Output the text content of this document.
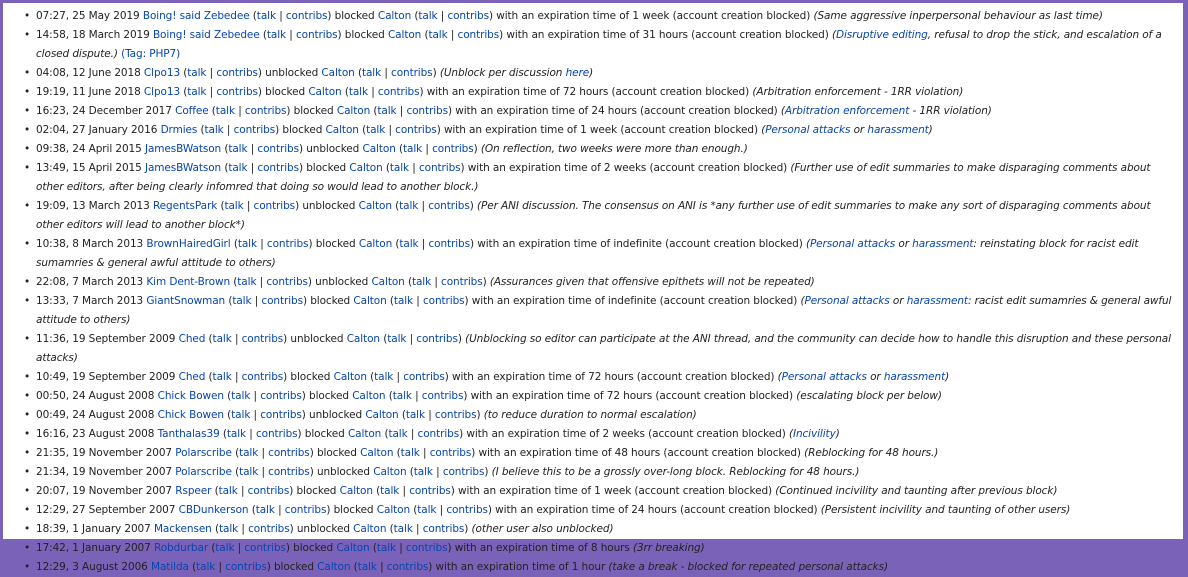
• 07:27, 25 May 2019 Boing! said Zebedee (talk | contribs) blocked Calton (talk | contribs) with an expiration time of 1 week (account creation blocked) (Same aggressive inperpersonal behaviour as last time)
• 14:58, 18 March 2019 Boing! said Zebedee (talk | contribs) blocked Calton (talk | contribs) with an expiration time of 31 hours (account creation blocked) (Disruptive editing, refusal to drop the stick, and escalation of a closed dispute.) (Tag: PHP7)
• 04:08, 12 June 2018 Clpo13 (talk | contribs) unblocked Calton (talk | contribs) (Unblock per discussion here)
• 19:19, 11 June 2018 Clpo13 (talk | contribs) blocked Calton (talk | contribs) with an expiration time of 72 hours (account creation blocked) (Arbitration enforcement - 1RR violation)
• 16:23, 24 December 2017 Coffee (talk | contribs) blocked Calton (talk | contribs) with an expiration time of 24 hours (account creation blocked) (Arbitration enforcement - 1RR violation)
• 02:04, 27 January 2016 Drmies (talk | contribs) blocked Calton (talk | contribs) with an expiration time of 1 week (account creation blocked) (Personal attacks or harassment)
• 09:38, 24 April 2015 JamesBWatson (talk | contribs) unblocked Calton (talk | contribs) (On reflection, two weeks were more than enough.)
• 13:49, 15 April 2015 JamesBWatson (talk | contribs) blocked Calton (talk | contribs) with an expiration time of 2 weeks (account creation blocked) (Further use of edit summaries to make disparaging comments about other editors, after being clearly infomred that doing so would lead to another block.)
• 19:09, 13 March 2013 RegentsPark (talk | contribs) unblocked Calton (talk | contribs) (Per ANI discussion. The consensus on ANI is *any further use of edit summaries to make any sort of disparaging comments about other editors will lead to another block*)
• 10:38, 8 March 2013 BrownHairedGirl (talk | contribs) blocked Calton (talk | contribs) with an expiration time of indefinite (account creation blocked) (Personal attacks or harassment: reinstating block for racist edit sumamries & general awful attitude to others)
• 22:08, 7 March 2013 Kim Dent-Brown (talk | contribs) unblocked Calton (talk | contribs) (Assurances given that offensive epithets will not be repeated)
• 13:33, 7 March 2013 GiantSnowman (talk | contribs) blocked Calton (talk | contribs) with an expiration time of indefinite (account creation blocked) (Personal attacks or harassment: racist edit sumamries & general awful attitude to others)
• 11:36, 19 September 2009 Ched (talk | contribs) unblocked Calton (talk | contribs) (Unblocking so editor can participate at the ANI thread, and the community can decide how to handle this disruption and these personal attacks)
• 10:49, 19 September 2009 Ched (talk | contribs) blocked Calton (talk | contribs) with an expiration time of 72 hours (account creation blocked) (Personal attacks or harassment)
• 00:50, 24 August 2008 Chick Bowen (talk | contribs) blocked Calton (talk | contribs) with an expiration time of 72 hours (account creation blocked) (escalating block per below)
• 00:49, 24 August 2008 Chick Bowen (talk | contribs) unblocked Calton (talk | contribs) (to reduce duration to normal escalation)
• 16:16, 23 August 2008 Tanthalas39 (talk | contribs) blocked Calton (talk | contribs) with an expiration time of 2 weeks (account creation blocked) (Incivility)
• 21:35, 19 November 2007 Polarscribe (talk | contribs) blocked Calton (talk | contribs) with an expiration time of 48 hours (account creation blocked) (Reblocking for 48 hours.)
• 21:34, 19 November 2007 Polarscribe (talk | contribs) unblocked Calton (talk | contribs) (I believe this to be a grossly over-long block. Reblocking for 48 hours.)
• 20:07, 19 November 2007 Rspeer (talk | contribs) blocked Calton (talk | contribs) with an expiration time of 1 week (account creation blocked) (Continued incivility and taunting after previous block)
• 12:29, 27 September 2007 CBDunkerson (talk | contribs) blocked Calton (talk | contribs) with an expiration time of 24 hours (account creation blocked) (Persistent incivility and taunting of other users)
• 18:39, 1 January 2007 Mackensen (talk | contribs) unblocked Calton (talk | contribs) (other user also unblocked)
• 17:42, 1 January 2007 Robdurbar (talk | contribs) blocked Calton (talk | contribs) with an expiration time of 8 hours (3rr breaking)
• 12:29, 3 August 2006 Matilda (talk | contribs) blocked Calton (talk | contribs) with an expiration time of 1 hour (take a break - blocked for repeated personal attacks)
